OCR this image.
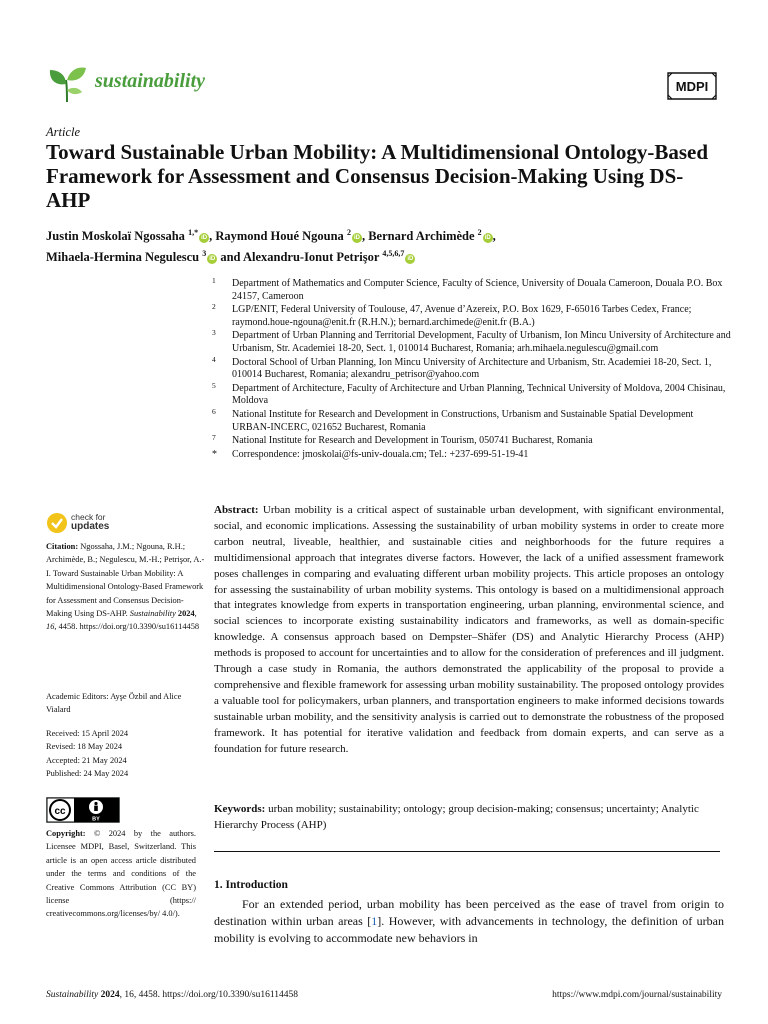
sustainability	MDPI
Article
Toward Sustainable Urban Mobility: A Multidimensional Ontology-Based Framework for Assessment and Consensus Decision-Making Using DS-AHP
Justin Moskolaï Ngossaha $^{1,*}$iD , Raymond Houé Ngouna $^2$iD , Bernard Archimède $^2$iD ,
Mihaela-Hermina Negulescu $^3$iD and Alexandru-Ionut Petrişor $^{4,5,6,7}$iD
1 Department of Mathematics and Computer Science, Faculty of Science, University of Douala Cameroon, Douala P.O. Box 24157, Cameroon
2 LGP/ENIT, Federal University of Toulouse, 47, Avenue d’Azereix, P.O. Box 1629, F-65016 Tarbes Cedex, France; raymond.houe-ngouna@enit.fr (R.H.N.); bernard.archimede@enit.fr (B.A.)
3 Department of Urban Planning and Territorial Development, Faculty of Urbanism, Ion Mincu University of Architecture and Urbanism, Str. Academiei 18-20, Sect. 1, 010014 Bucharest, Romania; arh.mihaela.negulescu@gmail.com
4 Doctoral School of Urban Planning, Ion Mincu University of Architecture and Urbanism, Str. Academiei 18-20, Sect. 1, 010014 Bucharest, Romania; alexandru_petrisor@yahoo.com
5 Department of Architecture, Faculty of Architecture and Urban Planning, Technical University of Moldova, 2004 Chisinau, Moldova
6 National Institute for Research and Development in Constructions, Urbanism and Sustainable Spatial Development URBAN-INCERC, 021652 Bucharest, Romania
7 National Institute for Research and Development in Tourism, 050741 Bucharest, Romania
* Correspondence: jmoskolai@fs-univ-douala.cm; Tel.: +237-699-51-19-41
Abstract: Urban mobility is a critical aspect of sustainable urban development, with significant environmental, social, and economic implications. Assessing the sustainability of urban mobility systems in order to create more carbon neutral, liveable, healthier, and sustainable cities and neighborhoods for the future requires a multidimensional approach that integrates diverse factors. However, the lack of a unified assessment framework poses challenges in comparing and evaluating different urban mobility projects. This article proposes an ontology for assessing the sustainability of urban mobility systems. This ontology is based on a multidimensional approach that integrates knowledge from experts in transportation engineering, urban planning, environmental science, and social sciences to incorporate existing sustainability indicators and frameworks, as well as domain-specific knowledge. A consensus approach based on Dempster–Shäfer (DS) and Analytic Hierarchy Process (AHP) methods is proposed to account for uncertainties and to allow for the consideration of preferences and ill judgment. Through a case study in Romania, the authors demonstrated the applicability of the proposal to provide a comprehensive and flexible framework for assessing urban mobility sustainability. The proposed ontology provides a valuable tool for policymakers, urban planners, and transportation engineers to make informed decisions towards sustainable urban mobility, and the sensitivity analysis is carried out to demonstrate the robustness of the proposed framework. It has potential for iterative validation and feedback from domain experts, and can serve as a foundation for future research.
Keywords: urban mobility; sustainability; ontology; group decision-making; consensus; uncertainty; Analytic Hierarchy Process (AHP)
1. Introduction
For an extended period, urban mobility has been perceived as the ease of travel from origin to destination within urban areas [1]. However, with advancements in technology, the definition of urban mobility is evolving to accommodate new behaviors in
check for
updates
Citation: Ngossaha, J.M.; Ngouna, R.H.; Archimède, B.; Negulescu, M.-H.; Petrişor, A.-I. Toward Sustainable Urban Mobility: A Multidimensional Ontology-Based Framework for Assessment and Consensus Decision-Making Using DS-AHP. Sustainability 2024, 16, 4458. https://doi.org/10.3390/su16114458
Academic Editors: Ayşe Özbil and Alice Vialard
Received: 15 April 2024
Revised: 18 May 2024
Accepted: 21 May 2024
Published: 24 May 2024
cc
BY
Copyright: © 2024 by the authors. Licensee MDPI, Basel, Switzerland. This article is an open access article distributed under the terms and conditions of the Creative Commons Attribution (CC BY) license (https:// creativecommons.org/licenses/by/ 4.0/).
Sustainability 2024, 16, 4458. https://doi.org/10.3390/su16114458	https://www.mdpi.com/journal/sustainability
